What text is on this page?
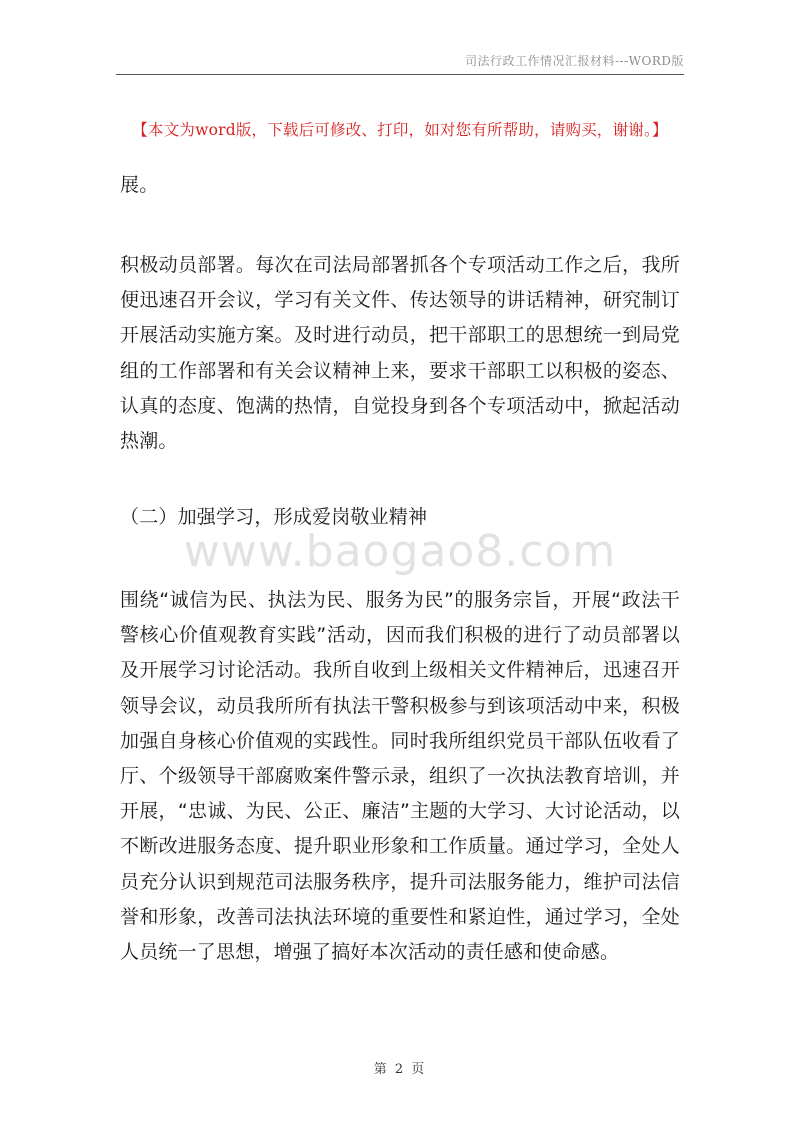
司法行政工作情况汇报材料---WORD版
【本文为word版，下载后可修改、打印，如对您有所帮助，请购买，谢谢。】

展。

积极动员部署。每次在司法局部署抓各个专项活动工作之后，我所便迅速召开会议，学习有关文件、传达领导的讲话精神，研究制订开展活动实施方案。及时进行动员，把干部职工的思想统一到局党组的工作部署和有关会议精神上来，要求干部职工以积极的姿态、认真的态度、饱满的热情，自觉投身到各个专项活动中，掀起活动热潮。

（二）加强学习，形成爱岗敬业精神

www.baogao8.com

围绕“诚信为民、执法为民、服务为民”的服务宗旨，开展“政法干警核心价值观教育实践”活动，因而我们积极的进行了动员部署以及开展学习讨论活动。我所自收到上级相关文件精神后，迅速召开领导会议，动员我所所有执法干警积极参与到该项活动中来，积极加强自身核心价值观的实践性。同时我所组织党员干部队伍收看了厅、个级领导干部腐败案件警示录，组织了一次执法教育培训，并开展，“忠诚、为民、公正、廉洁”主题的大学习、大讨论活动，以不断改进服务态度、提升职业形象和工作质量。通过学习，全处人员充分认识到规范司法服务秩序，提升司法服务能力，维护司法信誉和形象，改善司法执法环境的重要性和紧迫性，通过学习，全处人员统一了思想，增强了搞好本次活动的责任感和使命感。

第 2 页
